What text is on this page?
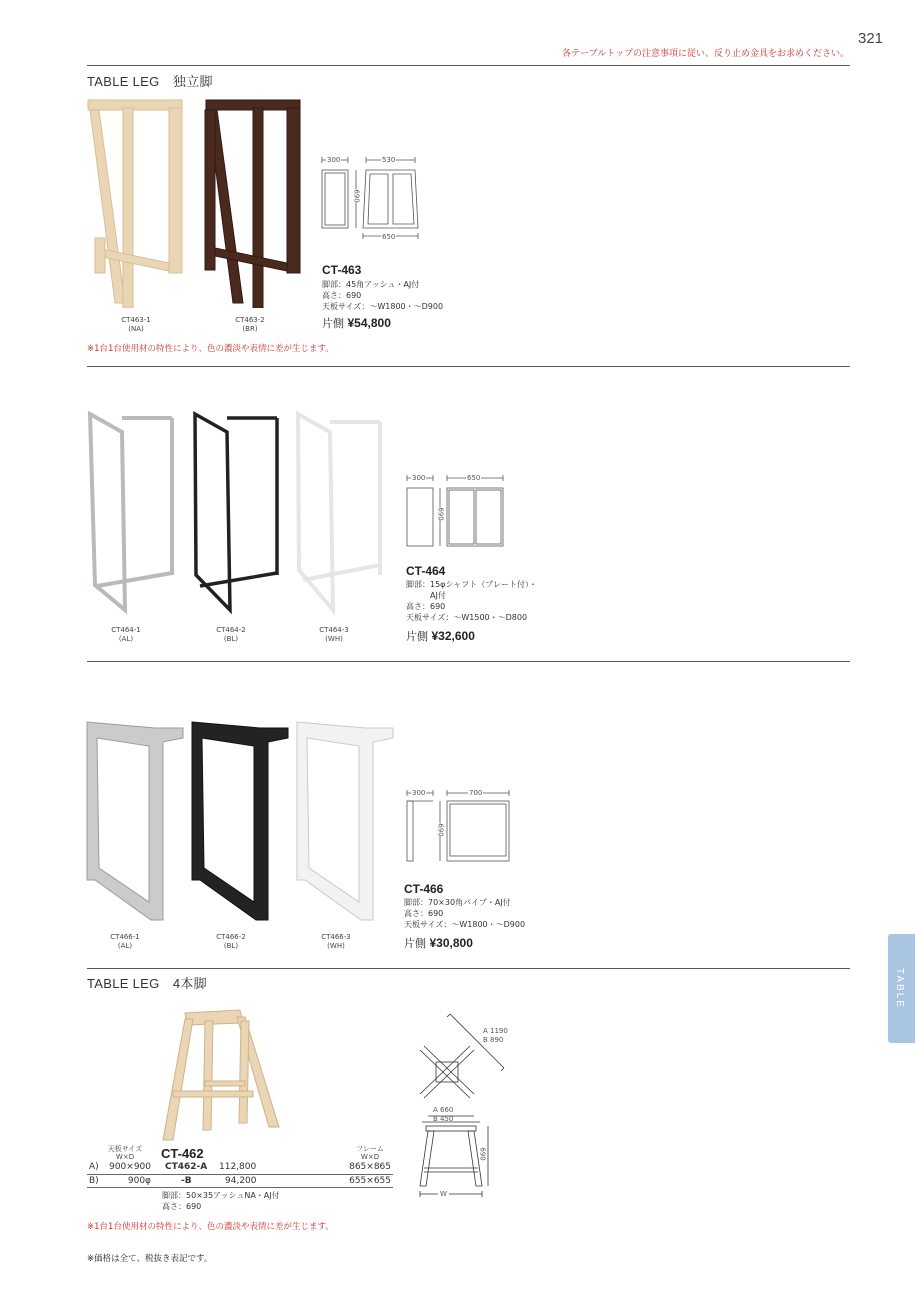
321
各テーブルトップの注意事項に従い、反り止め金具をお求めください。
TABLE
TABLE LEG　独立脚
CT463-1
(NA)
CT463-2
(BR)
300	530
690
650
CT-463
脚部：45角アッシュ・AJ付
高さ：690
天板サイズ：～W1800・～D900
片側 ¥54,800
※1台1台使用材の特性により、色の濃淡や表情に差が生じます。
CT464-1
(AL)
CT464-2
(BL)
CT464-3
(WH)
300	650
690
CT-464
脚部：15φシャフト（プレート付）・
AJ付
高さ：690
天板サイズ：～W1500・～D800
片側 ¥32,600
CT466-1
(AL)
CT466-2
(BL)
CT466-3
(WH)
300	700
690
CT-466
脚部：70×30角パイプ・AJ付
高さ：690
天板サイズ：～W1800・～D900
片側 ¥30,800
TABLE LEG　4本脚
天板サイズ
W×D	CT-462	フレーム
W×D
A)	900×900	CT462-A	112,800	865×865
B)	900φ	-B	94,200	655×655
脚部：50×35アッシュNA・AJ付
高さ：690
A 1190
B 890
A 660
B 450
690
W
※1台1台使用材の特性により、色の濃淡や表情に差が生じます。
※価格は全て、税抜き表記です。
